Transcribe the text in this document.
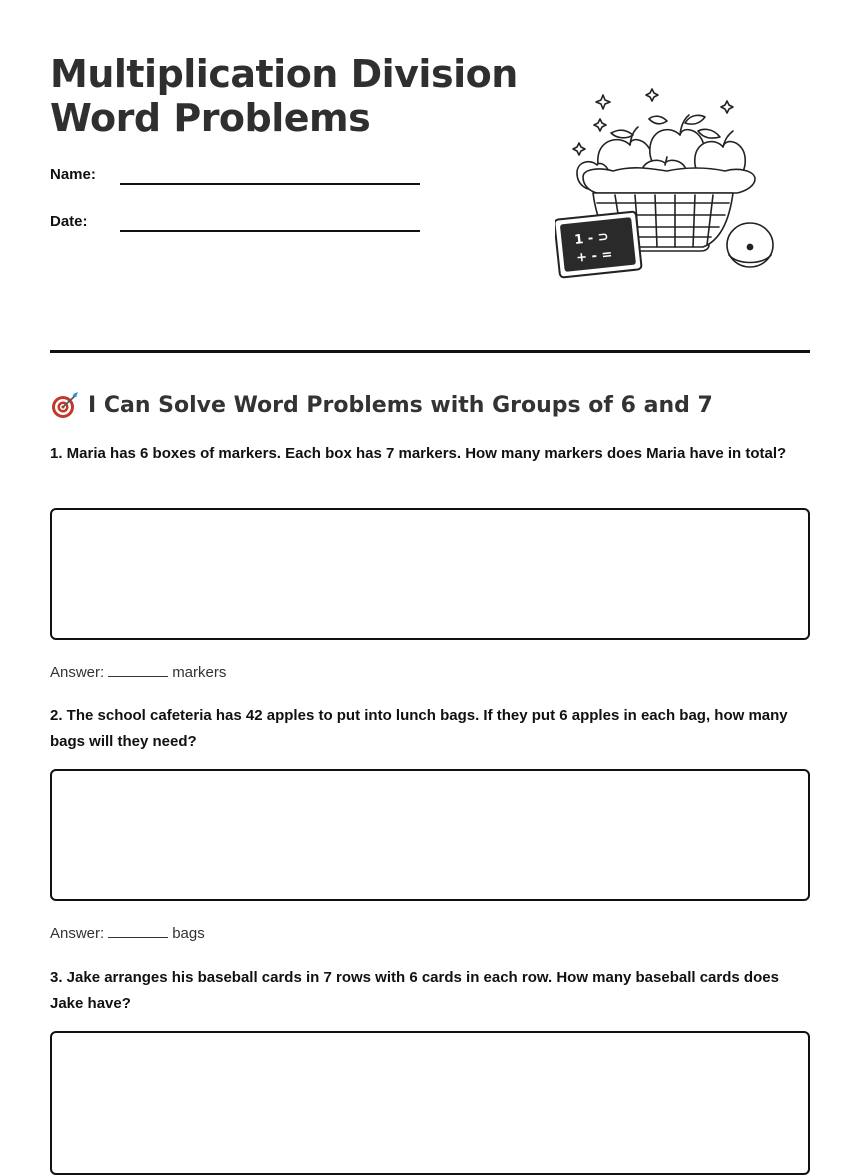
Multiplication Division
Word Problems
Name:
Date:
1 - ⊃
+ - =
I Can Solve Word Problems with Groups of 6 and 7

1. Maria has 6 boxes of markers. Each box has 7 markers. How many markers does Maria have in total?

Answer:	markers

2. The school cafeteria has 42 apples to put into lunch bags. If they put 6 apples in each bag, how many bags will they need?

Answer:	bags

3. Jake arranges his baseball cards in 7 rows with 6 cards in each row. How many baseball cards does Jake have?
